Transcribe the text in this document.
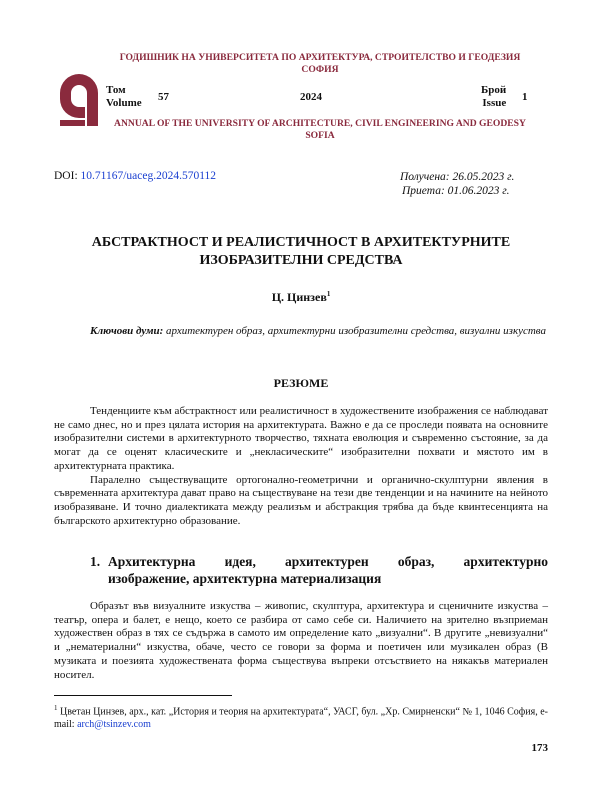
ГОДИШНИК НА УНИВЕРСИТЕТА ПО АРХИТЕКТУРА, СТРОИТЕЛСТВО И ГЕОДЕЗИЯ
СОФИЯ
Том
Volume 57	2024
Брой
Issue 1
ANNUAL OF THE UNIVERSITY OF ARCHITECTURE, CIVIL ENGINEERING AND GEODESY
SOFIA
DOI: 10.71167/uaceg.2024.570112	Получена: 26.05.2023 г.
Приета: 01.06.2023 г.
АБСТРАКТНОСТ И РЕАЛИСТИЧНОСТ В АРХИТЕКТУРНИТЕ
ИЗОБРАЗИТЕЛНИ СРЕДСТВА
Ц. Цинзев$^1$
Ключови думи: архитектурен образ, архитектурни изобразителни средства, визуални изкуства
РЕЗЮМЕ

Тенденциите към абстрактност или реалистичност в художествените изображения се наблюдават не само днес, но и през цялата история на архитектурата. Важно е да се проследи появата на основните изобразителни системи в архитектурното творчество, тяхната еволюция и съвременно състояние, за да могат да се оценят класическите и „некласическите“ изобразителни похвати и мястото им в архитектурната практика.

Паралелно съществуващите ортогонално-геометрични и органично-скулптурни явления в съвременната архитектура дават право на съществуване на тези две тенденции и на начините на нейното изобразяване. И точно диалектиката между реализъм и абстракция трябва да бъде квинтесенцията на българското архитектурно образование.

1. Архитектурна идея, архитектурен образ, архитектурно
изображение, архитектурна материализация

Образът във визуалните изкуства – живопис, скулптура, архитектура и сценичните изкуства – театър, опера и балет, е нещо, което се разбира от само себе си. Наличието на зрително възприеман художествен образ в тях се съдържа в самото им определение като „визуални“. В другите „невизуални“ и „нематериални“ изкуства, обаче, често се говори за форма и поетичен или музикален образ (В музиката и поезията художествената форма съществува въпреки отсъствието на някакъв материален носител.

$^1$ Цветан Цинзев, арх., кат. „История и теория на архитектурата“, УАСГ, бул. „Хр. Смирненски“ № 1, 1046 София, e-mail: arch@tsinzev.com
173
